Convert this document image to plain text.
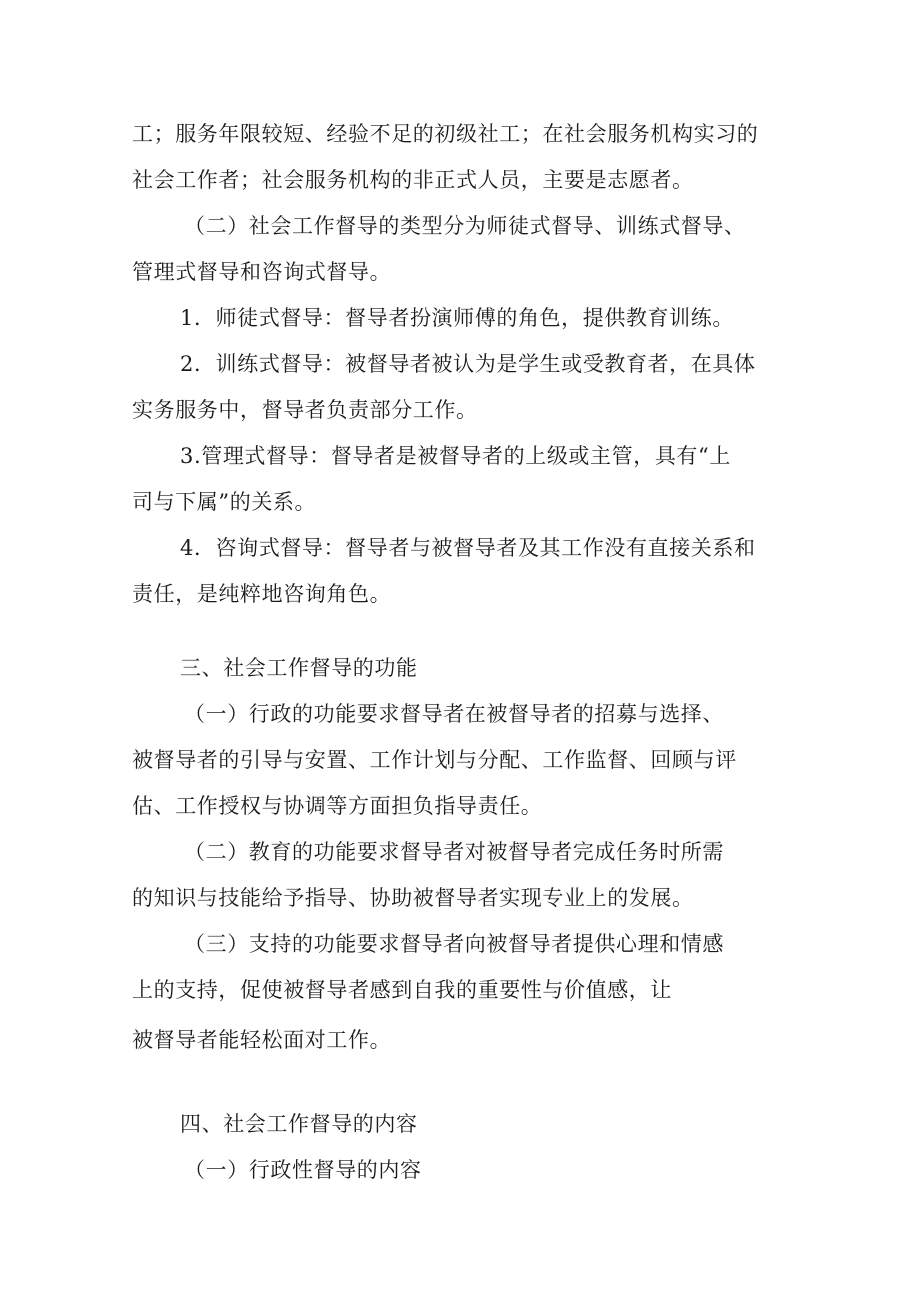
工；服务年限较短、经验不足的初级社工；在社会服务机构实习的
社会工作者；社会服务机构的非正式人员，主要是志愿者。
（二）社会工作督导的类型分为师徒式督导、训练式督导、
管理式督导和咨询式督导。
1．师徒式督导：督导者扮演师傅的角色，提供教育训练。
2．训练式督导：被督导者被认为是学生或受教育者，在具体
实务服务中，督导者负责部分工作。
3.管理式督导：督导者是被督导者的上级或主管，具有“上
司与下属”的关系。
4．咨询式督导：督导者与被督导者及其工作没有直接关系和
责任，是纯粹地咨询角色。
三、社会工作督导的功能
（一）行政的功能要求督导者在被督导者的招募与选择、
被督导者的引导与安置、工作计划与分配、工作监督、回顾与评
估、工作授权与协调等方面担负指导责任。
（二）教育的功能要求督导者对被督导者完成任务时所需
的知识与技能给予指导、协助被督导者实现专业上的发展。
（三）支持的功能要求督导者向被督导者提供心理和情感
上的支持，促使被督导者感到自我的重要性与价值感，让
被督导者能轻松面对工作。
四、社会工作督导的内容
（一）行政性督导的内容
